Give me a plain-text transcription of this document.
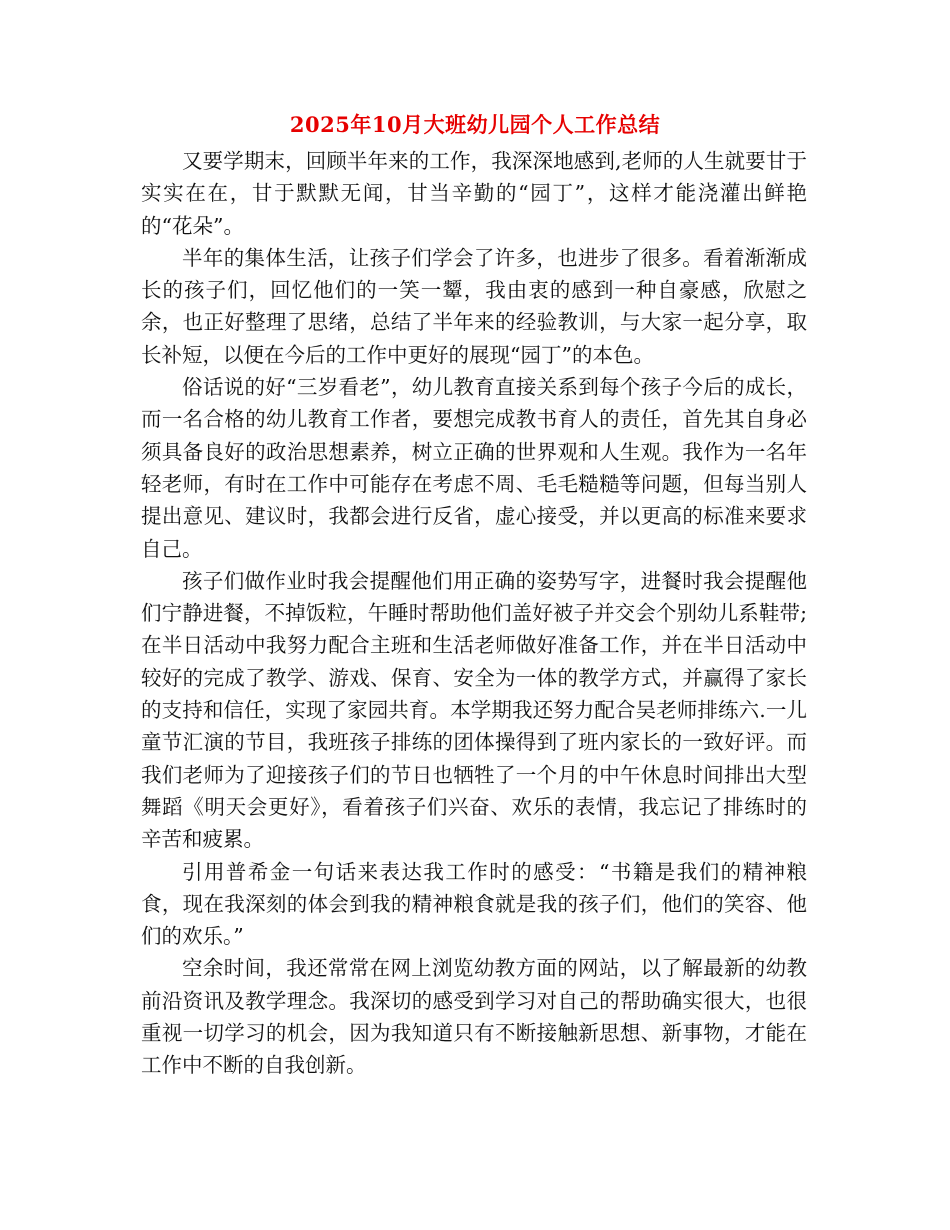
2025年10月大班幼儿园个人工作总结

又要学期末，回顾半年来的工作，我深深地感到,老师的人生就要甘于实实在在，甘于默默无闻，甘当辛勤的“园丁”，这样才能浇灌出鲜艳的“花朵”。

半年的集体生活，让孩子们学会了许多，也进步了很多。看着渐渐成长的孩子们，回忆他们的一笑一颦，我由衷的感到一种自豪感，欣慰之余，也正好整理了思绪，总结了半年来的经验教训，与大家一起分享，取长补短，以便在今后的工作中更好的展现“园丁”的本色。

俗话说的好“三岁看老”，幼儿教育直接关系到每个孩子今后的成长，而一名合格的幼儿教育工作者，要想完成教书育人的责任，首先其自身必须具备良好的政治思想素养，树立正确的世界观和人生观。我作为一名年轻老师，有时在工作中可能存在考虑不周、毛毛糙糙等问题，但每当别人提出意见、建议时，我都会进行反省，虚心接受，并以更高的标准来要求自己。

孩子们做作业时我会提醒他们用正确的姿势写字，进餐时我会提醒他们宁静进餐，不掉饭粒，午睡时帮助他们盖好被子并交会个别幼儿系鞋带;在半日活动中我努力配合主班和生活老师做好准备工作，并在半日活动中较好的完成了教学、游戏、保育、安全为一体的教学方式，并赢得了家长的支持和信任，实现了家园共育。本学期我还努力配合吴老师排练六.一儿童节汇演的节目，我班孩子排练的团体操得到了班内家长的一致好评。而我们老师为了迎接孩子们的节日也牺牲了一个月的中午休息时间排出大型舞蹈《明天会更好》，看着孩子们兴奋、欢乐的表情，我忘记了排练时的辛苦和疲累。

引用普希金一句话来表达我工作时的感受：“书籍是我们的精神粮食，现在我深刻的体会到我的精神粮食就是我的孩子们，他们的笑容、他们的欢乐。”

空余时间，我还常常在网上浏览幼教方面的网站，以了解最新的幼教前沿资讯及教学理念。我深切的感受到学习对自己的帮助确实很大，也很重视一切学习的机会，因为我知道只有不断接触新思想、新事物，才能在工作中不断的自我创新。
